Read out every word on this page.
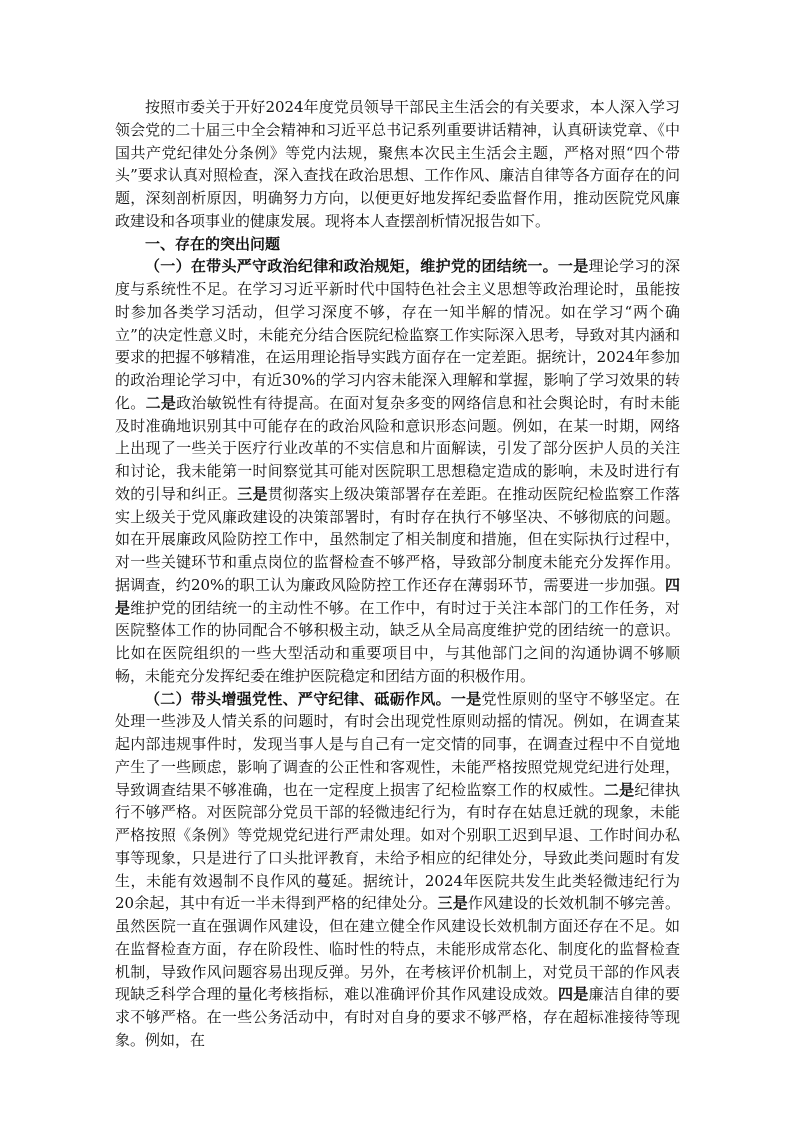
按照市委关于开好2024年度党员领导干部民主生活会的有关要求，本人深入学习领会党的二十届三中全会精神和习近平总书记系列重要讲话精神，认真研读党章、《中国共产党纪律处分条例》等党内法规，聚焦本次民主生活会主题，严格对照“四个带头”要求认真对照检查，深入查找在政治思想、工作作风、廉洁自律等各方面存在的问题，深刻剖析原因，明确努力方向，以便更好地发挥纪委监督作用，推动医院党风廉政建设和各项事业的健康发展。现将本人查摆剖析情况报告如下。

一、存在的突出问题

（一）在带头严守政治纪律和政治规矩，维护党的团结统一。一是理论学习的深度与系统性不足。在学习习近平新时代中国特色社会主义思想等政治理论时，虽能按时参加各类学习活动，但学习深度不够，存在一知半解的情况。如在学习“两个确立”的决定性意义时，未能充分结合医院纪检监察工作实际深入思考，导致对其内涵和要求的把握不够精准，在运用理论指导实践方面存在一定差距。据统计，2024年参加的政治理论学习中，有近30%的学习内容未能深入理解和掌握，影响了学习效果的转化。二是政治敏锐性有待提高。在面对复杂多变的网络信息和社会舆论时，有时未能及时准确地识别其中可能存在的政治风险和意识形态问题。例如，在某一时期，网络上出现了一些关于医疗行业改革的不实信息和片面解读，引发了部分医护人员的关注和讨论，我未能第一时间察觉其可能对医院职工思想稳定造成的影响，未及时进行有效的引导和纠正。三是贯彻落实上级决策部署存在差距。在推动医院纪检监察工作落实上级关于党风廉政建设的决策部署时，有时存在执行不够坚决、不够彻底的问题。如在开展廉政风险防控工作中，虽然制定了相关制度和措施，但在实际执行过程中，对一些关键环节和重点岗位的监督检查不够严格，导致部分制度未能充分发挥作用。据调查，约20%的职工认为廉政风险防控工作还存在薄弱环节，需要进一步加强。四是维护党的团结统一的主动性不够。在工作中，有时过于关注本部门的工作任务，对医院整体工作的协同配合不够积极主动，缺乏从全局高度维护党的团结统一的意识。比如在医院组织的一些大型活动和重要项目中，与其他部门之间的沟通协调不够顺畅，未能充分发挥纪委在维护医院稳定和团结方面的积极作用。

（二）带头增强党性、严守纪律、砥砺作风。一是党性原则的坚守不够坚定。在处理一些涉及人情关系的问题时，有时会出现党性原则动摇的情况。例如，在调查某起内部违规事件时，发现当事人是与自己有一定交情的同事，在调查过程中不自觉地产生了一些顾虑，影响了调查的公正性和客观性，未能严格按照党规党纪进行处理，导致调查结果不够准确，也在一定程度上损害了纪检监察工作的权威性。二是纪律执行不够严格。对医院部分党员干部的轻微违纪行为，有时存在姑息迁就的现象，未能严格按照《条例》等党规党纪进行严肃处理。如对个别职工迟到早退、工作时间办私事等现象，只是进行了口头批评教育，未给予相应的纪律处分，导致此类问题时有发生，未能有效遏制不良作风的蔓延。据统计，2024年医院共发生此类轻微违纪行为20余起，其中有近一半未得到严格的纪律处分。三是作风建设的长效机制不够完善。虽然医院一直在强调作风建设，但在建立健全作风建设长效机制方面还存在不足。如在监督检查方面，存在阶段性、临时性的特点，未能形成常态化、制度化的监督检查机制，导致作风问题容易出现反弹。另外，在考核评价机制上，对党员干部的作风表现缺乏科学合理的量化考核指标，难以准确评价其作风建设成效。四是廉洁自律的要求不够严格。在一些公务活动中，有时对自身的要求不够严格，存在超标准接待等现象。例如，在
